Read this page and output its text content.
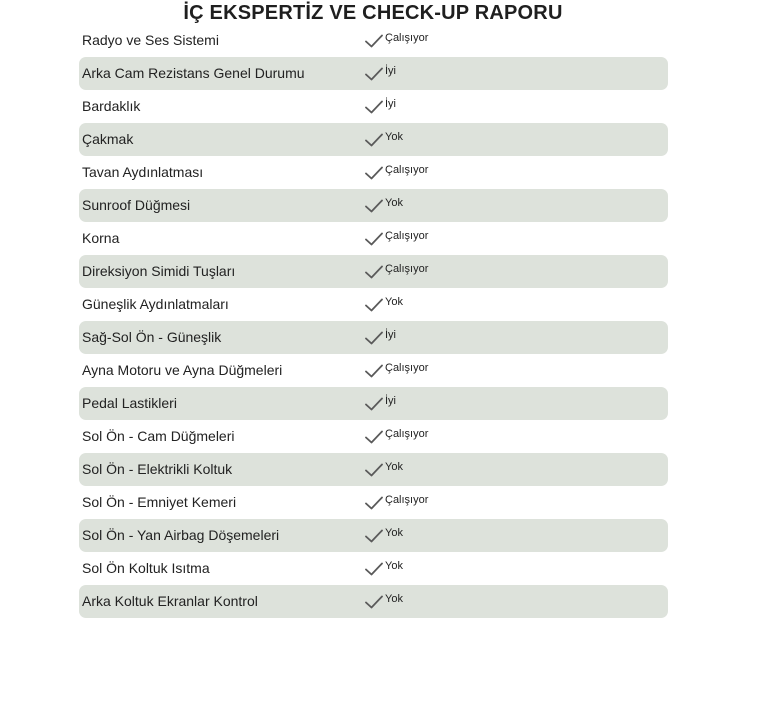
İÇ EKSPERTİZ VE CHECK-UP RAPORU
Radyo ve Ses Sistemi	Çalışıyor
Arka Cam Rezistans Genel Durumu	İyi
Bardaklık	İyi
Çakmak	Yok
Tavan Aydınlatması	Çalışıyor
Sunroof Düğmesi	Yok
Korna	Çalışıyor
Direksiyon Simidi Tuşları	Çalışıyor
Güneşlik Aydınlatmaları	Yok
Sağ-Sol Ön - Güneşlik	İyi
Ayna Motoru ve Ayna Düğmeleri	Çalışıyor
Pedal Lastikleri	İyi
Sol Ön - Cam Düğmeleri	Çalışıyor
Sol Ön - Elektrikli Koltuk	Yok
Sol Ön - Emniyet Kemeri	Çalışıyor
Sol Ön - Yan Airbag Döşemeleri	Yok
Sol Ön Koltuk Isıtma	Yok
Arka Koltuk Ekranlar Kontrol	Yok
